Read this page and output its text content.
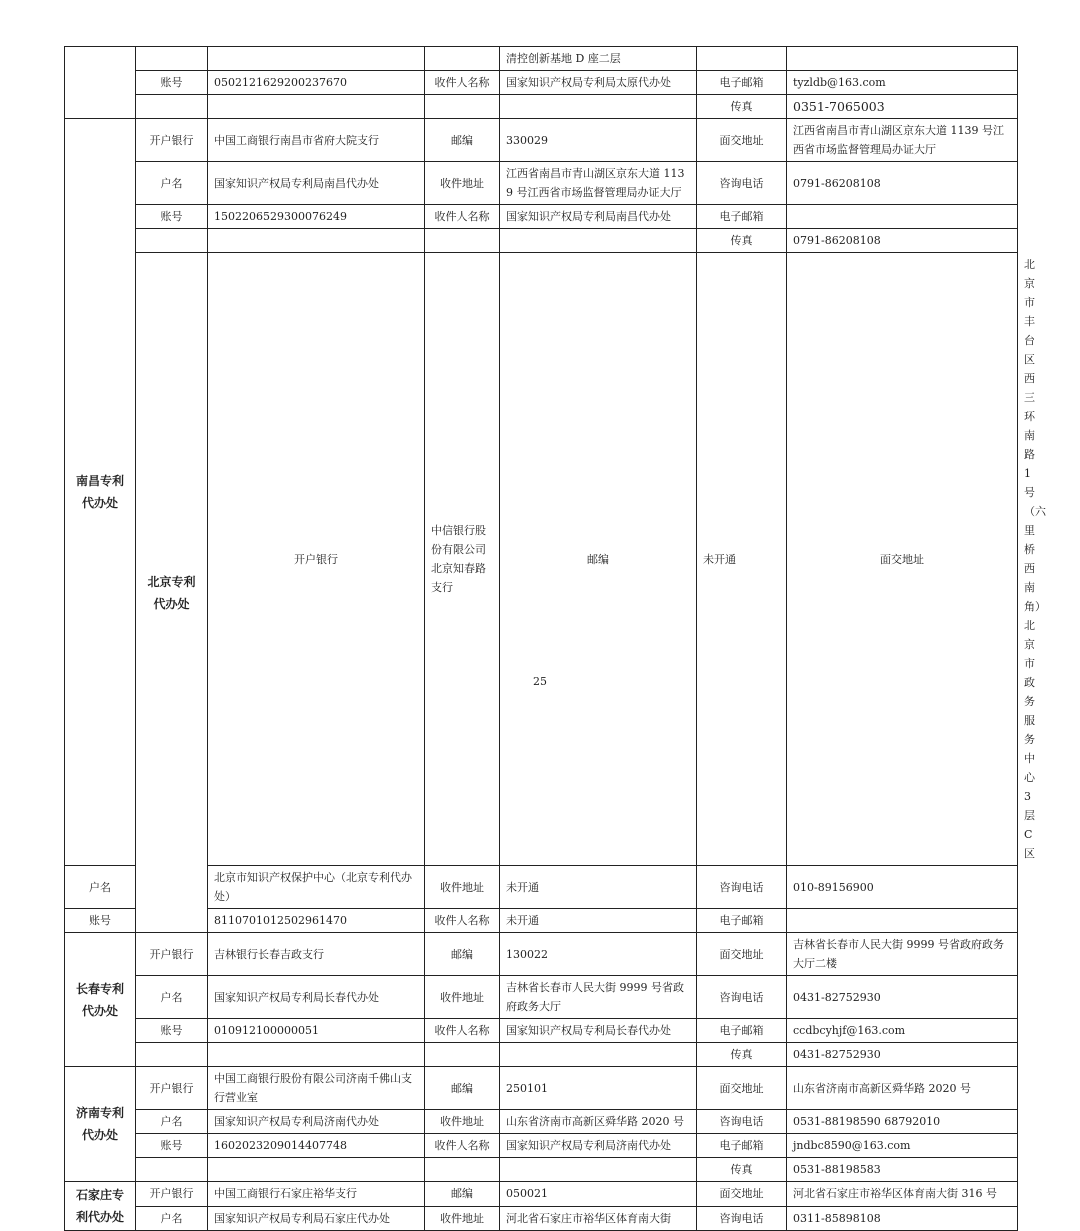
				清控创新基地 D 座二层			
	账号	0502121629200237670	收件人名称	国家知识产权局专利局太原代办处	电子邮箱	tyzldb@163.com	
					传真	0351-7065003	
南昌专利代办处	开户银行	中国工商银行南昌市省府大院支行	邮编	330029	面交地址	江西省南昌市青山湖区京东大道 1139 号江西省市场监督管理局办证大厅	
	户名	国家知识产权局专利局南昌代办处	收件地址	江西省南昌市青山湖区京东大道 1139 号江西省市场监督管理局办证大厅	咨询电话	0791-86208108	
	账号	1502206529300076249	收件人名称	国家知识产权局专利局南昌代办处	电子邮箱		
					传真	0791-86208108	
	北京专利代办处	开户银行	中信银行股份有限公司北京知春路支行	邮编	未开通	面交地址	北京市丰台区西三环南路 1 号（六里桥西南角）北京市政务服务中心 3 层 C 区
户名		北京市知识产权保护中心（北京专利代办处）	收件地址	未开通	咨询电话	010-89156900	
账号		8110701012502961470	收件人名称	未开通	电子邮箱		
长春专利代办处	开户银行	吉林银行长春吉政支行	邮编	130022	面交地址	吉林省长春市人民大街 9999 号省政府政务大厅二楼	
	户名	国家知识产权局专利局长春代办处	收件地址	吉林省长春市人民大街 9999 号省政府政务大厅	咨询电话	0431-82752930	
	账号	010912100000051	收件人名称	国家知识产权局专利局长春代办处	电子邮箱	ccdbcyhjf@163.com	
					传真	0431-82752930	
济南专利代办处	开户银行	中国工商银行股份有限公司济南千佛山支行营业室	邮编	250101	面交地址	山东省济南市高新区舜华路 2020 号	
	户名	国家知识产权局专利局济南代办处	收件地址	山东省济南市高新区舜华路 2020 号	咨询电话	0531-88198590 68792010	
	账号	1602023209014407748	收件人名称	国家知识产权局专利局济南代办处	电子邮箱	jndbc8590@163.com	
					传真	0531-88198583	
石家庄专利代办处	开户银行	中国工商银行石家庄裕华支行	邮编	050021	面交地址	河北省石家庄市裕华区体育南大街 316 号	
	户名	国家知识产权局专利局石家庄代办处	收件地址	河北省石家庄市裕华区体育南大街	咨询电话	0311-85898108	
25
